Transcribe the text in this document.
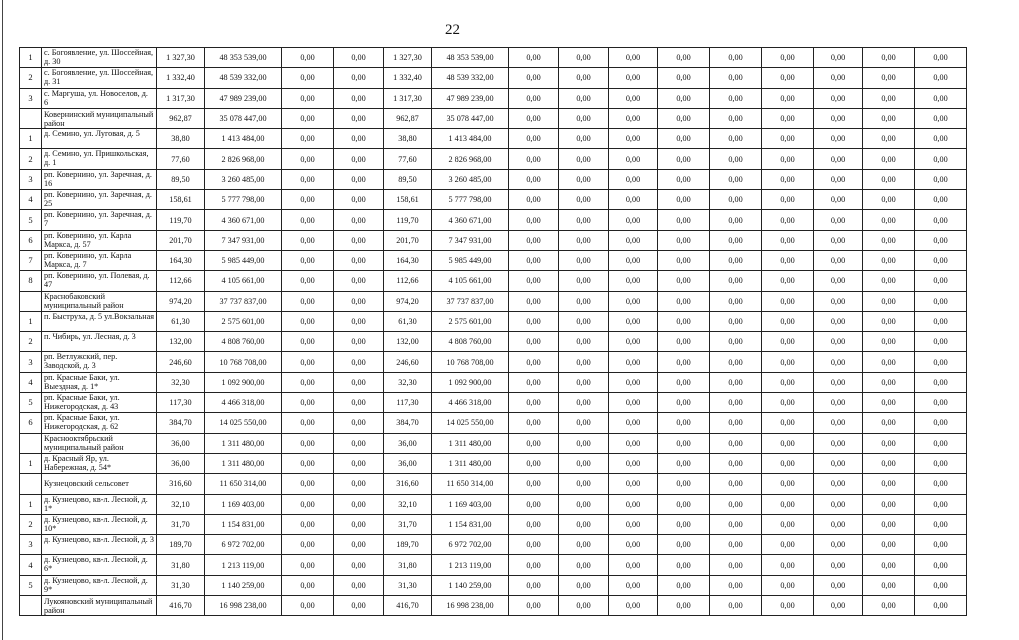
22
1	с. Богоявление, ул. Шоссейная, д. 30	1 327,30	48 353 539,00	0,00	0,00	1 327,30	48 353 539,00	0,00	0,00	0,00	0,00	0,00	0,00	0,00	0,00	0,00
2	с. Богоявление, ул. Шоссейная, д. 31	1 332,40	48 539 332,00	0,00	0,00	1 332,40	48 539 332,00	0,00	0,00	0,00	0,00	0,00	0,00	0,00	0,00	0,00
3	с. Маргуша, ул. Новоселов, д. 6	1 317,30	47 989 239,00	0,00	0,00	1 317,30	47 989 239,00	0,00	0,00	0,00	0,00	0,00	0,00	0,00	0,00	0,00
	Ковернинский муниципальный район	962,87	35 078 447,00	0,00	0,00	962,87	35 078 447,00	0,00	0,00	0,00	0,00	0,00	0,00	0,00	0,00	0,00
1	д. Семино, ул. Луговая, д. 5	38,80	1 413 484,00	0,00	0,00	38,80	1 413 484,00	0,00	0,00	0,00	0,00	0,00	0,00	0,00	0,00	0,00
2	д. Семино, ул. Пришкольская, д. 1	77,60	2 826 968,00	0,00	0,00	77,60	2 826 968,00	0,00	0,00	0,00	0,00	0,00	0,00	0,00	0,00	0,00
3	рп. Ковернино, ул. Заречная, д. 16	89,50	3 260 485,00	0,00	0,00	89,50	3 260 485,00	0,00	0,00	0,00	0,00	0,00	0,00	0,00	0,00	0,00
4	рп. Ковернино, ул. Заречная, д. 25	158,61	5 777 798,00	0,00	0,00	158,61	5 777 798,00	0,00	0,00	0,00	0,00	0,00	0,00	0,00	0,00	0,00
5	рп. Ковернино, ул. Заречная, д. 7	119,70	4 360 671,00	0,00	0,00	119,70	4 360 671,00	0,00	0,00	0,00	0,00	0,00	0,00	0,00	0,00	0,00
6	рп. Ковернино, ул. Карла Маркса, д. 57	201,70	7 347 931,00	0,00	0,00	201,70	7 347 931,00	0,00	0,00	0,00	0,00	0,00	0,00	0,00	0,00	0,00
7	рп. Ковернино, ул. Карла Маркса, д. 7	164,30	5 985 449,00	0,00	0,00	164,30	5 985 449,00	0,00	0,00	0,00	0,00	0,00	0,00	0,00	0,00	0,00
8	рп. Ковернино, ул. Полевая, д. 47	112,66	4 105 661,00	0,00	0,00	112,66	4 105 661,00	0,00	0,00	0,00	0,00	0,00	0,00	0,00	0,00	0,00
	Краснобаковский муниципальный район	974,20	37 737 837,00	0,00	0,00	974,20	37 737 837,00	0,00	0,00	0,00	0,00	0,00	0,00	0,00	0,00	0,00
1	п. Быструха, д. 5 ул.Вокзальная	61,30	2 575 601,00	0,00	0,00	61,30	2 575 601,00	0,00	0,00	0,00	0,00	0,00	0,00	0,00	0,00	0,00
2	п. Чибирь, ул. Лесная, д. 3	132,00	4 808 760,00	0,00	0,00	132,00	4 808 760,00	0,00	0,00	0,00	0,00	0,00	0,00	0,00	0,00	0,00
3	рп. Ветлужский, пер. Заводской, д. 3	246,60	10 768 708,00	0,00	0,00	246,60	10 768 708,00	0,00	0,00	0,00	0,00	0,00	0,00	0,00	0,00	0,00
4	рп. Красные Баки, ул. Выездная, д. 1*	32,30	1 092 900,00	0,00	0,00	32,30	1 092 900,00	0,00	0,00	0,00	0,00	0,00	0,00	0,00	0,00	0,00
5	рп. Красные Баки, ул. Нижегородская, д. 43	117,30	4 466 318,00	0,00	0,00	117,30	4 466 318,00	0,00	0,00	0,00	0,00	0,00	0,00	0,00	0,00	0,00
6	рп. Красные Баки, ул. Нижегородская, д. 62	384,70	14 025 550,00	0,00	0,00	384,70	14 025 550,00	0,00	0,00	0,00	0,00	0,00	0,00	0,00	0,00	0,00
	Краснооктябрьский муниципальный район	36,00	1 311 480,00	0,00	0,00	36,00	1 311 480,00	0,00	0,00	0,00	0,00	0,00	0,00	0,00	0,00	0,00
1	д. Красный Яр, ул. Набережная, д. 54*	36,00	1 311 480,00	0,00	0,00	36,00	1 311 480,00	0,00	0,00	0,00	0,00	0,00	0,00	0,00	0,00	0,00
	Кузнецовский сельсовет	316,60	11 650 314,00	0,00	0,00	316,60	11 650 314,00	0,00	0,00	0,00	0,00	0,00	0,00	0,00	0,00	0,00
1	д. Кузнецово, кв-л. Лесной, д. 1*	32,10	1 169 403,00	0,00	0,00	32,10	1 169 403,00	0,00	0,00	0,00	0,00	0,00	0,00	0,00	0,00	0,00
2	д. Кузнецово, кв-л. Лесной, д. 10*	31,70	1 154 831,00	0,00	0,00	31,70	1 154 831,00	0,00	0,00	0,00	0,00	0,00	0,00	0,00	0,00	0,00
3	д. Кузнецово, кв-л. Лесной, д. 3	189,70	6 972 702,00	0,00	0,00	189,70	6 972 702,00	0,00	0,00	0,00	0,00	0,00	0,00	0,00	0,00	0,00
4	д. Кузнецово, кв-л. Лесной, д. 6*	31,80	1 213 119,00	0,00	0,00	31,80	1 213 119,00	0,00	0,00	0,00	0,00	0,00	0,00	0,00	0,00	0,00
5	д. Кузнецово, кв-л. Лесной, д. 9*	31,30	1 140 259,00	0,00	0,00	31,30	1 140 259,00	0,00	0,00	0,00	0,00	0,00	0,00	0,00	0,00	0,00
	Лукояновский муниципальный район	416,70	16 998 238,00	0,00	0,00	416,70	16 998 238,00	0,00	0,00	0,00	0,00	0,00	0,00	0,00	0,00	0,00
